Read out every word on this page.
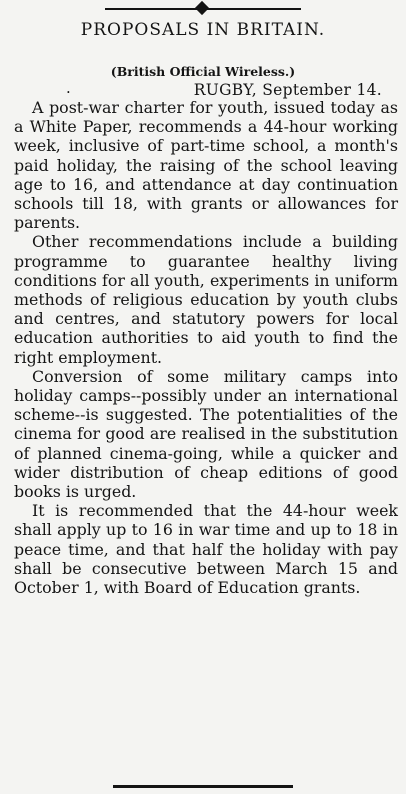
PROPOSALS IN BRITAIN.
(British Official Wireless.)
·	RUGBY, September 14.

A post-war charter for youth, issued today as a White Paper, recommends a 44-hour working week, inclusive of part-time school, a month's paid holiday, the raising of the school leaving age to 16, and attendance at day continuation schools till 18, with grants or allowances for parents.

Other recommendations include a building programme to guarantee healthy living conditions for all youth, experiments in uniform methods of religious education by youth clubs and centres, and statutory powers for local education authorities to aid youth to find the right employment.

Conversion of some military camps into holiday camps--possibly under an international scheme--is suggested. The potentialities of the cinema for good are realised in the substitution of planned cinema-going, while a quicker and wider distribution of cheap editions of good books is urged.

It is recommended that the 44-hour week shall apply up to 16 in war time and up to 18 in peace time, and that half the holiday with pay shall be consecutive between March 15 and October 1, with Board of Education grants.
